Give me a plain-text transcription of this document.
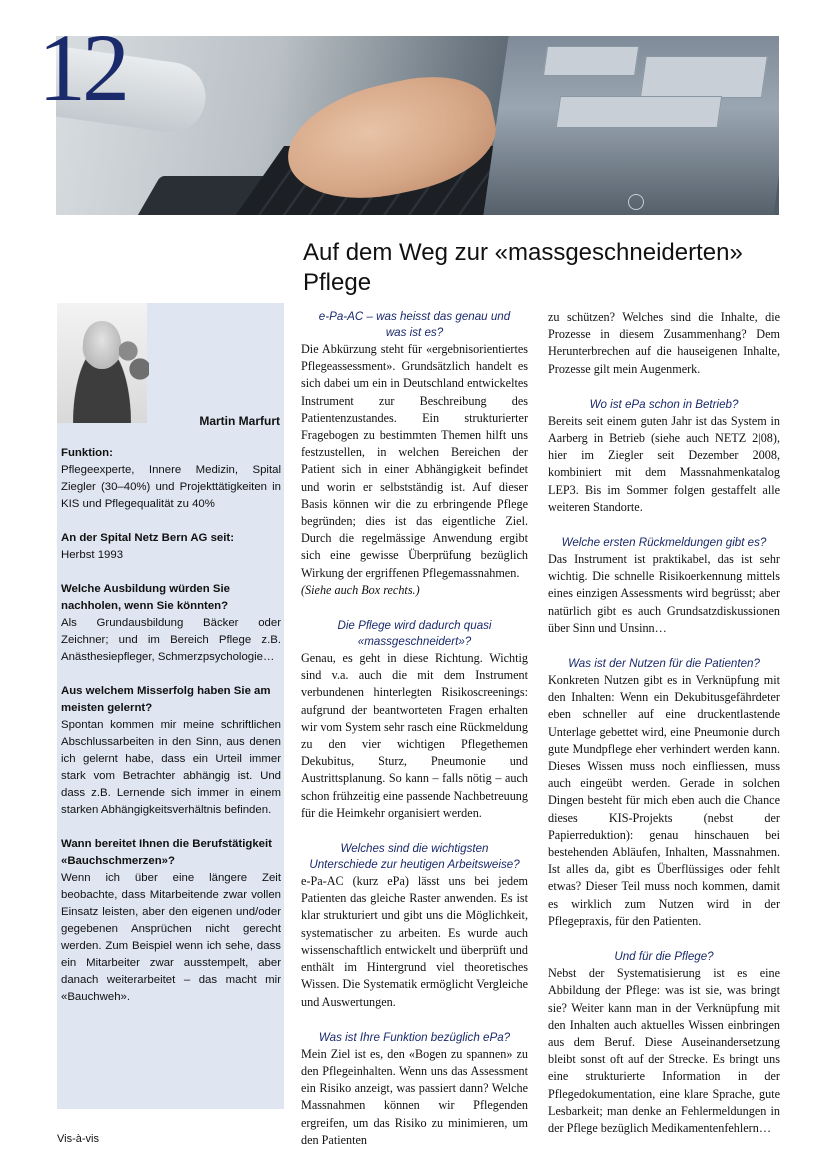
12
Auf dem Weg zur «massgeschneiderten» Pflege
Martin Marfurt
Funktion:
Pflegeexperte, Innere Medizin, Spital Ziegler (30–40%) und Projekttätigkeiten in KIS und Pflegequalität zu 40%
An der Spital Netz Bern AG seit:
Herbst 1993
Welche Ausbildung würden Sie nachholen, wenn Sie könnten?
Als Grundausbildung Bäcker oder Zeichner; und im Bereich Pflege z.B. Anästhesiepfleger, Schmerzpsychologie…
Aus welchem Misserfolg haben Sie am meisten gelernt?
Spontan kommen mir meine schriftlichen Abschlussarbeiten in den Sinn, aus denen ich gelernt habe, dass ein Urteil immer stark vom Betrachter abhängig ist. Und dass z.B. Lernende sich immer in einem starken Abhängigkeitsverhältnis befinden.
Wann bereitet Ihnen die Berufstätigkeit «Bauchschmerzen»?
Wenn ich über eine längere Zeit beobachte, dass Mitarbeitende zwar vollen Einsatz leisten, aber den eigenen und/oder gegebenen Ansprüchen nicht gerecht werden. Zum Beispiel wenn ich sehe, dass ein Mitarbeiter zwar ausstempelt, aber danach weiterarbeitet – das macht mir «Bauchweh».
e-Pa-AC – was heisst das genau und was ist es?

Die Abkürzung steht für «ergebnisorientiertes Pflegeassessment». Grundsätzlich handelt es sich dabei um ein in Deutschland entwickeltes Instrument zur Beschreibung des Patientenzustandes. Ein strukturierter Fragebogen zu bestimmten Themen hilft uns festzustellen, in welchen Bereichen der Patient sich in einer Abhängigkeit befindet und worin er selbstständig ist. Auf dieser Basis können wir die zu erbringende Pflege begründen; dies ist das eigentliche Ziel. Durch die regelmässige Anwendung ergibt sich eine gewisse Überprüfung bezüglich Wirkung der ergriffenen Pflegemassnahmen.
(Siehe auch Box rechts.)

Die Pflege wird dadurch quasi «massgeschneidert»?

Genau, es geht in diese Richtung. Wichtig sind v.a. auch die mit dem Instrument verbundenen hinterlegten Risikoscreenings: aufgrund der beantworteten Fragen erhalten wir vom System sehr rasch eine Rückmeldung zu den vier wichtigen Pflegethemen Dekubitus, Sturz, Pneumonie und Austrittsplanung. So kann – falls nötig – auch schon frühzeitig eine passende Nachbetreuung für die Heimkehr organisiert werden.

Welches sind die wichtigsten Unterschiede zur heutigen Arbeitsweise?

e-Pa-AC (kurz ePa) lässt uns bei jedem Patienten das gleiche Raster anwenden. Es ist klar strukturiert und gibt uns die Möglichkeit, systematischer zu arbeiten. Es wurde auch wissenschaftlich entwickelt und überprüft und enthält im Hintergrund viel theoretisches Wissen. Die Systematik ermöglicht Vergleiche und Auswertungen.

Was ist Ihre Funktion bezüglich ePa?

Mein Ziel ist es, den «Bogen zu spannen» zu den Pflegeinhalten. Wenn uns das Assessment ein Risiko anzeigt, was passiert dann? Welche Massnahmen können wir Pflegenden ergreifen, um das Risiko zu minimieren, um den Patienten

zu schützen? Welches sind die Inhalte, die Prozesse in diesem Zusammenhang? Dem Herunterbrechen auf die hauseigenen Inhalte, Prozesse gilt mein Augenmerk.

Wo ist ePa schon in Betrieb?

Bereits seit einem guten Jahr ist das System in Aarberg in Betrieb (siehe auch NETZ 2|08), hier im Ziegler seit Dezember 2008, kombiniert mit dem Massnahmenkatalog LEP3. Bis im Sommer folgen gestaffelt alle weiteren Standorte.

Welche ersten Rückmeldungen gibt es?

Das Instrument ist praktikabel, das ist sehr wichtig. Die schnelle Risikoerkennung mittels eines einzigen Assessments wird begrüsst; aber natürlich gibt es auch Grundsatzdiskussionen über Sinn und Unsinn…

Was ist der Nutzen für die Patienten?

Konkreten Nutzen gibt es in Verknüpfung mit den Inhalten: Wenn ein Dekubitusgefährdeter eben schneller auf eine druckentlastende Unterlage gebettet wird, eine Pneumonie durch gute Mundpflege eher verhindert werden kann. Dieses Wissen muss noch einfliessen, muss auch eingeübt werden. Gerade in solchen Dingen besteht für mich eben auch die Chance dieses KIS-Projekts (nebst der Papierreduktion): genau hinschauen bei bestehenden Abläufen, Inhalten, Massnahmen. Ist alles da, gibt es Überflüssiges oder fehlt etwas? Dieser Teil muss noch kommen, damit es wirklich zum Nutzen wird in der Pflegepraxis, für den Patienten.

Und für die Pflege?

Nebst der Systematisierung ist es eine Abbildung der Pflege: was ist sie, was bringt sie? Weiter kann man in der Verknüpfung mit den Inhalten auch aktuelles Wissen einbringen aus dem Beruf. Diese Auseinandersetzung bleibt sonst oft auf der Strecke. Es bringt uns eine strukturierte Information in der Pflegedokumentation, eine klare Sprache, gute Lesbarkeit; man denke an Fehlermeldungen in der Pflege bezüglich Medikamentenfehlern…

Vis-à-vis
